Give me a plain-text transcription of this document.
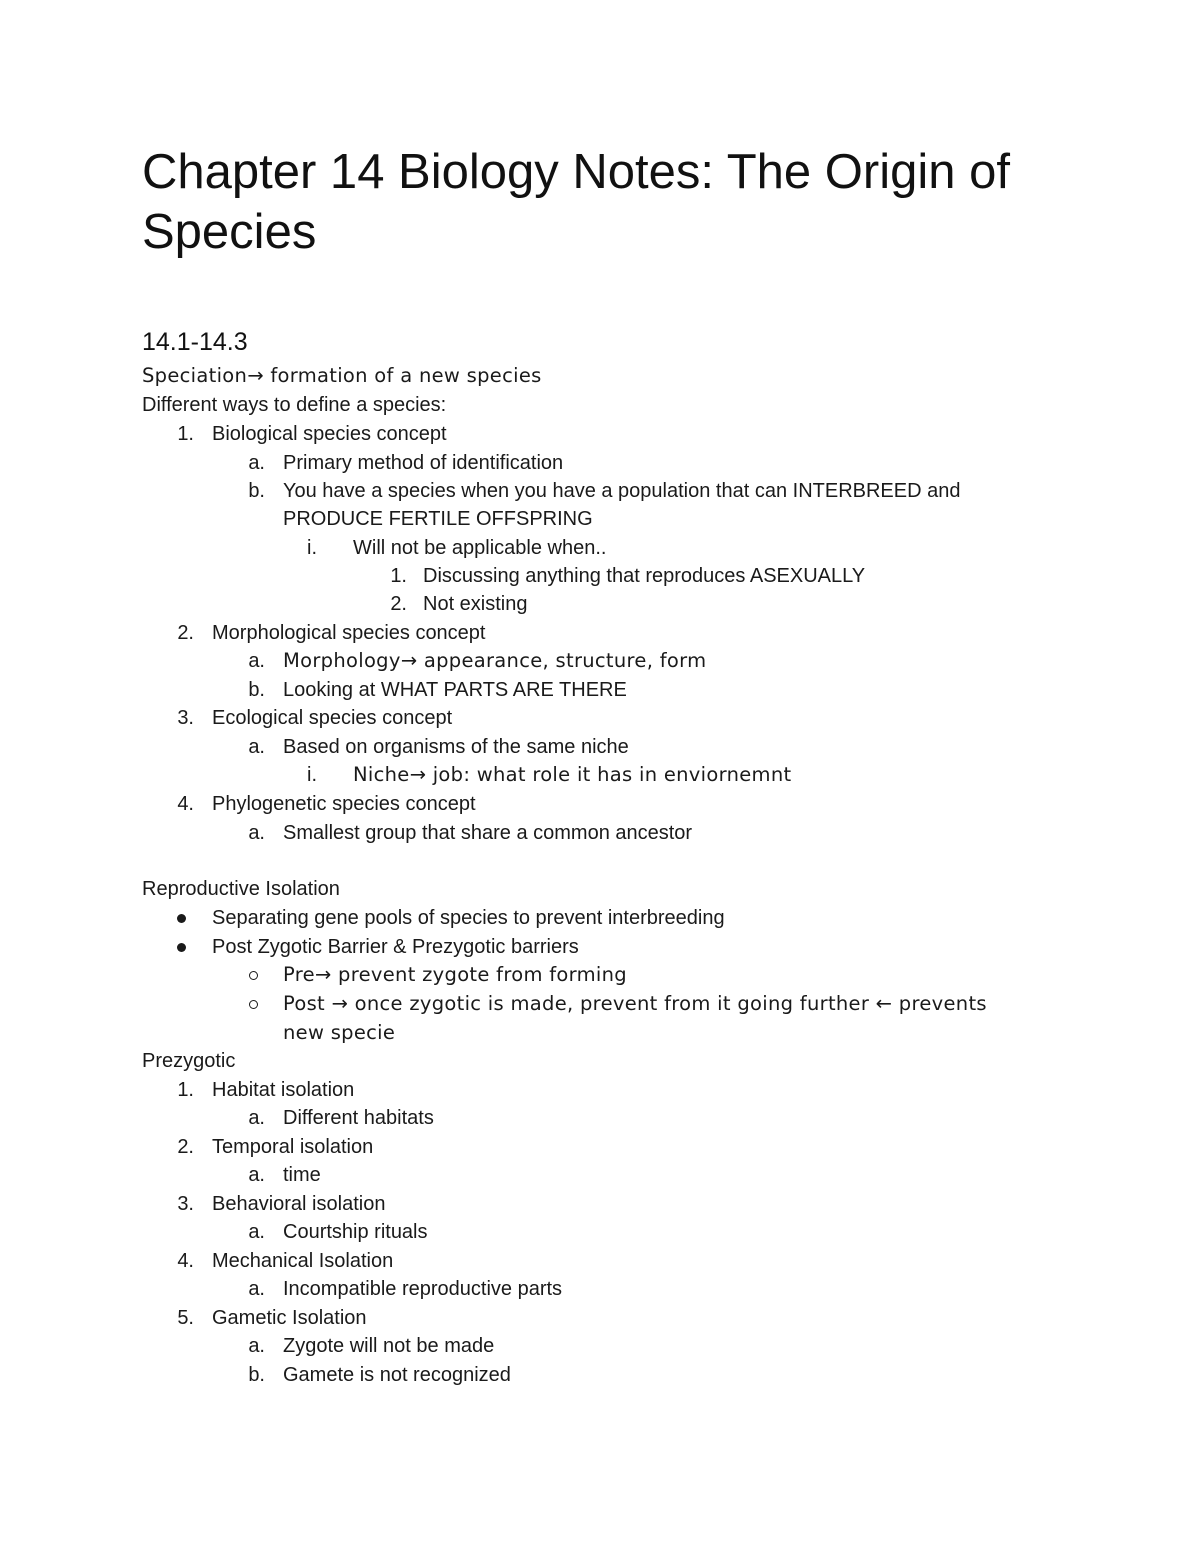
Chapter 14 Biology Notes: The Origin of
Species
14.1-14.3
Speciation→ formation of a new species
Different ways to define a species:
1. Biological species concept
a. Primary method of identification
b. You have a species when you have a population that can INTERBREED and
PRODUCE FERTILE OFFSPRING
i. Will not be applicable when..
1. Discussing anything that reproduces ASEXUALLY
2. Not existing
2. Morphological species concept
a. Morphology→ appearance, structure, form
b. Looking at WHAT PARTS ARE THERE
3. Ecological species concept
a. Based on organisms of the same niche
i. Niche→ job: what role it has in enviornemnt
4. Phylogenetic species concept
a. Smallest group that share a common ancestor
Reproductive Isolation
Separating gene pools of species to prevent interbreeding
Post Zygotic Barrier & Prezygotic barriers
Pre→ prevent zygote from forming
Post → once zygotic is made, prevent from it going further ← prevents
new specie
Prezygotic
1. Habitat isolation
a. Different habitats
2. Temporal isolation
a. time
3. Behavioral isolation
a. Courtship rituals
4. Mechanical Isolation
a. Incompatible reproductive parts
5. Gametic Isolation
a. Zygote will not be made
b. Gamete is not recognized
